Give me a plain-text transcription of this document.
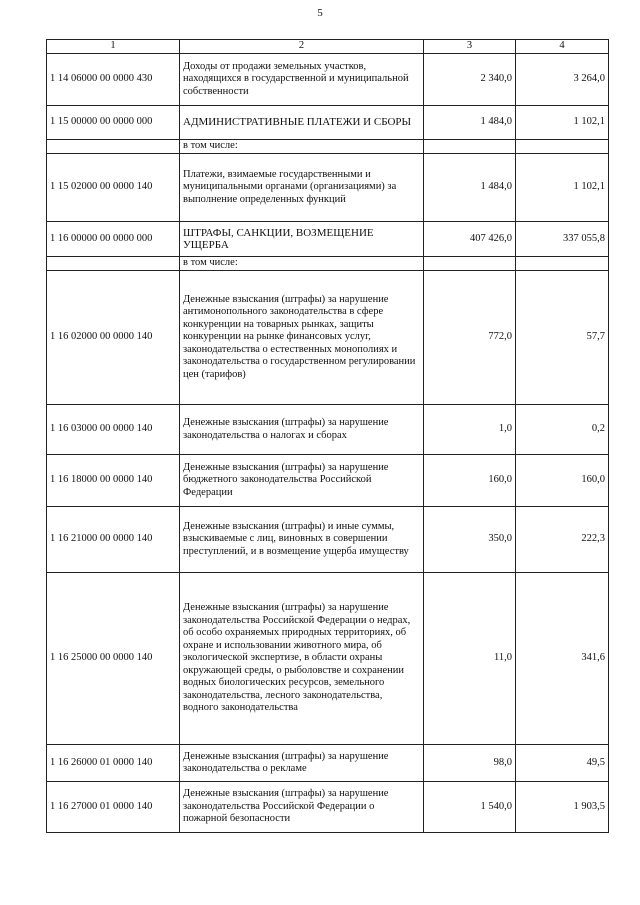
5
1	2	3	4
1 14 06000 00 0000 430	Доходы от продажи земельных участков, находящихся в государственной и муниципальной собственности	2 340,0	3 264,0
1 15 00000 00 0000 000	АДМИНИСТРАТИВНЫЕ ПЛАТЕЖИ И СБОРЫ	1 484,0	1 102,1
	в том числе:		
1 15 02000 00 0000 140	Платежи, взимаемые государственными и муниципальными органами (организациями) за выполнение определенных функций	1 484,0	1 102,1
1 16 00000 00 0000 000	ШТРАФЫ, САНКЦИИ, ВОЗМЕЩЕНИЕ УЩЕРБА	407 426,0	337 055,8
	в том числе:		
1 16 02000 00 0000 140	Денежные взыскания (штрафы) за нарушение антимонопольного законодательства в сфере конкуренции на товарных рынках, защиты конкуренции на рынке финансовых услуг, законодательства о естественных монополиях и законодательства о государственном регулировании цен (тарифов)	772,0	57,7
1 16 03000 00 0000 140	Денежные взыскания (штрафы) за нарушение законодательства о налогах и сборах	1,0	0,2
1 16 18000 00 0000 140	Денежные взыскания (штрафы) за нарушение бюджетного законодательства Российской Федерации	160,0	160,0
1 16 21000 00 0000 140	Денежные взыскания (штрафы) и иные суммы, взыскиваемые с лиц, виновных в совершении преступлений, и в возмещение ущерба имуществу	350,0	222,3
1 16 25000 00 0000 140	Денежные взыскания (штрафы) за нарушение законодательства Российской Федерации о недрах, об особо охраняемых природных территориях, об охране и использовании животного мира, об экологической экспертизе, в области охраны окружающей среды, о рыболовстве и сохранении водных биологических ресурсов, земельного законодательства, лесного законодательства, водного законодательства	11,0	341,6
1 16 26000 01 0000 140	Денежные взыскания (штрафы) за нарушение законодательства о рекламе	98,0	49,5
1 16 27000 01 0000 140	Денежные взыскания (штрафы) за нарушение законодательства Российской Федерации о пожарной безопасности	1 540,0	1 903,5
